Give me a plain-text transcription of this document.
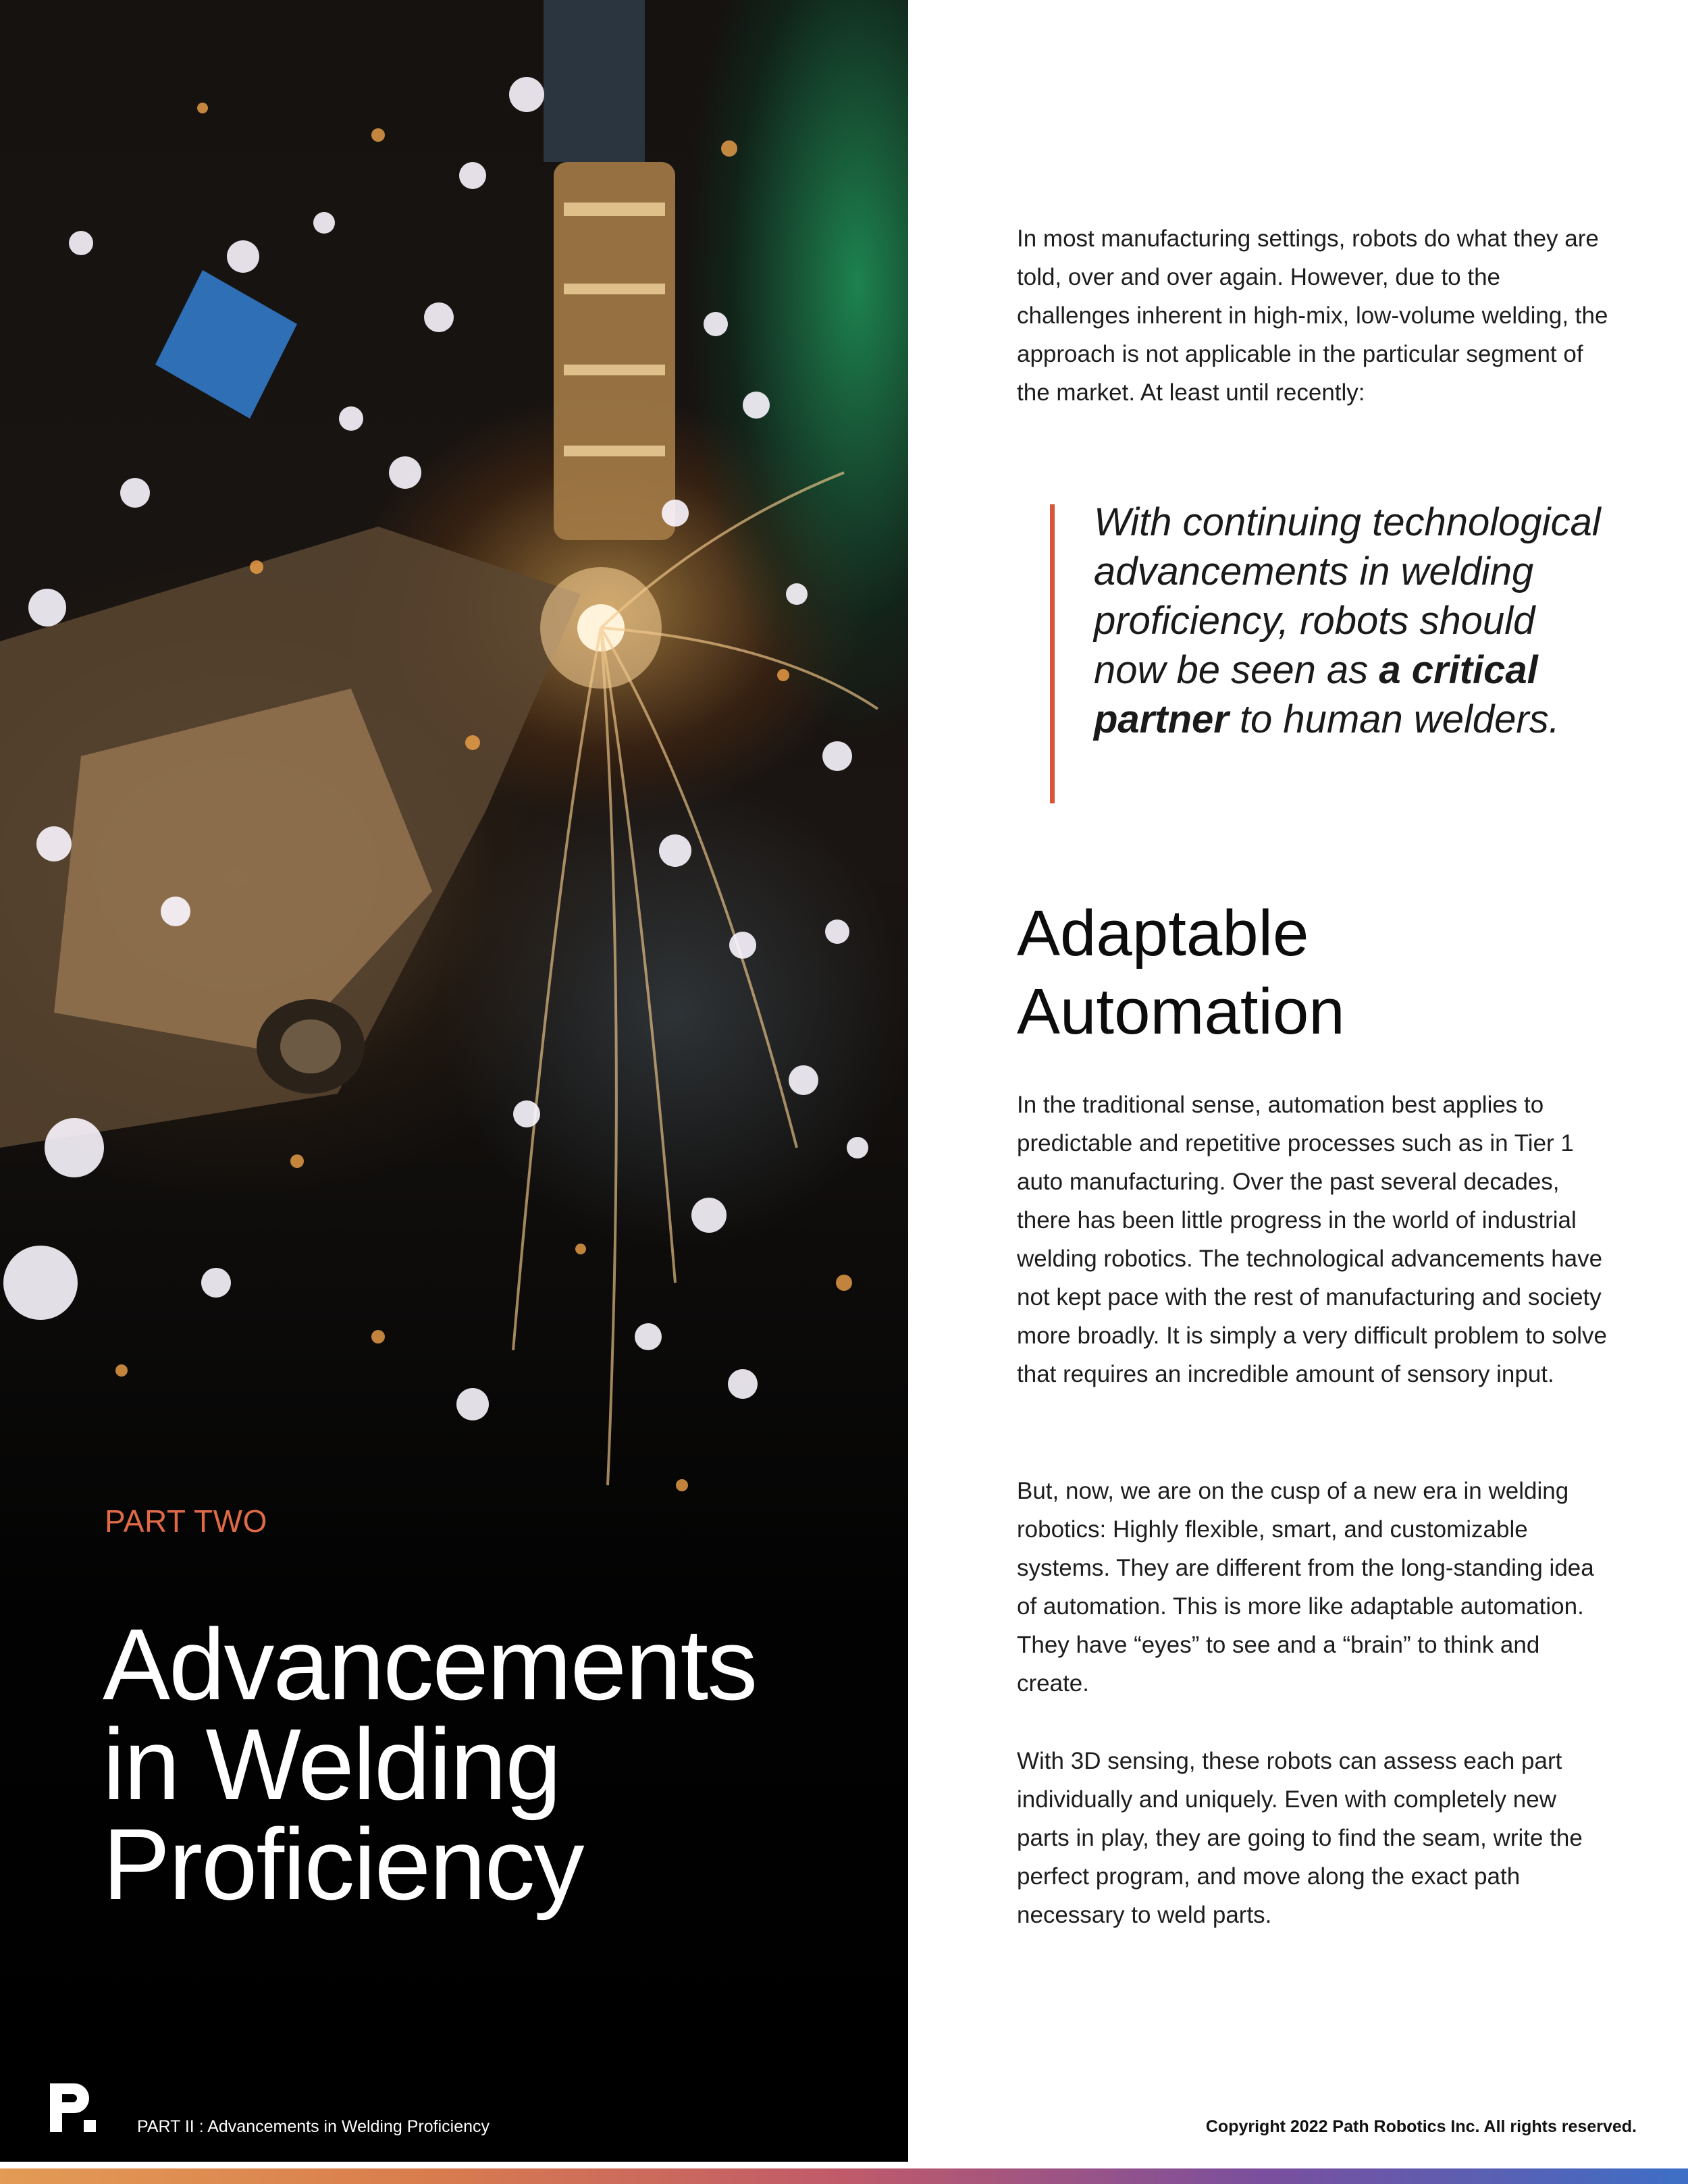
PART TWO
Advancements
in Welding
Proficiency
PART II : Advancements in Welding Proficiency

In most manufacturing settings, robots do what they are told, over and over again. However, due to the challenges inherent in high-mix, low-volume welding, the approach is not applicable in the particular segment of the market. At least until recently:

With continuing technological advancements in welding proficiency, robots should now be seen as a critical partner to human welders.

Adaptable
Automation

In the traditional sense, automation best applies to predictable and repetitive processes such as in Tier 1 auto manufacturing. Over the past several decades, there has been little progress in the world of industrial welding robotics. The technological advancements have not kept pace with the rest of manufacturing and society more broadly. It is simply a very difficult problem to solve that requires an incredible amount of sensory input.

But, now, we are on the cusp of a new era in welding robotics: Highly flexible, smart, and customizable systems. They are different from the long-standing idea of automation. This is more like adaptable automation. They have “eyes” to see and a “brain” to think and create.

With 3D sensing, these robots can assess each part individually and uniquely. Even with completely new parts in play, they are going to find the seam, write the perfect program, and move along the exact path necessary to weld parts.

Copyright 2022 Path Robotics Inc. All rights reserved.
